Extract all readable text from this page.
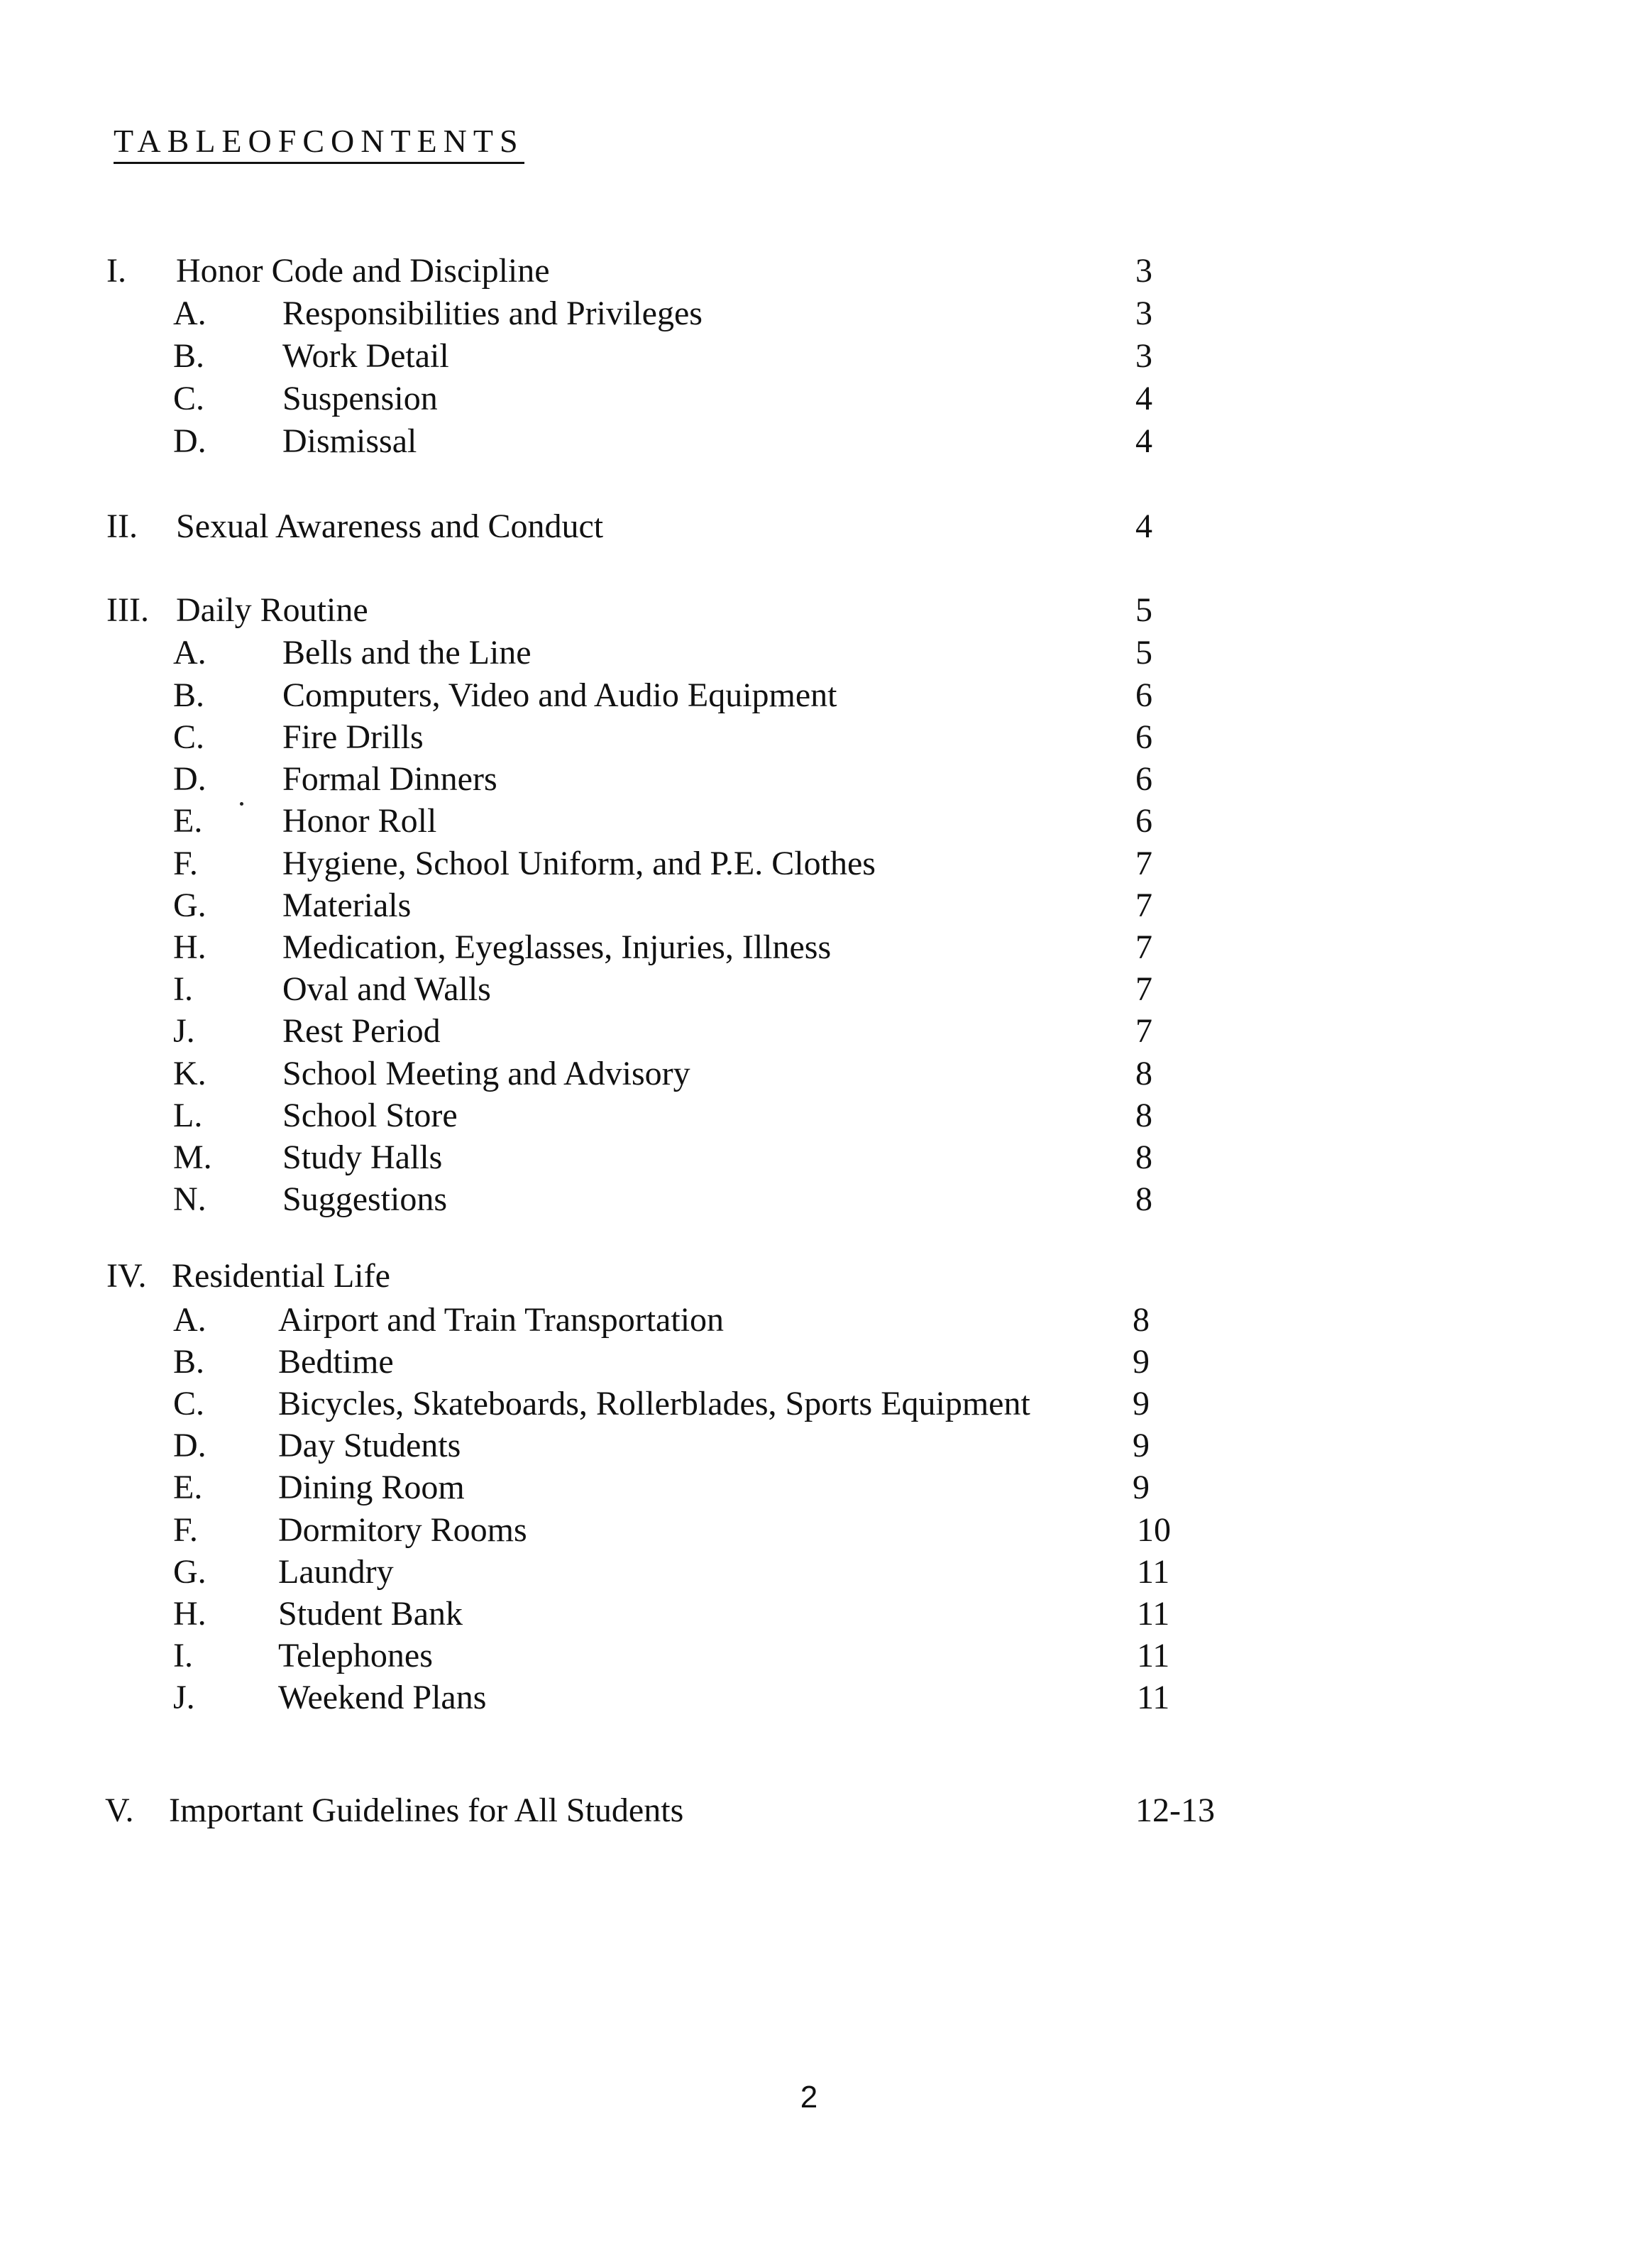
TABLEOFCONTENTS
I. Honor Code and Discipline	3
A. Responsibilities and Privileges	3
B. Work Detail	3
C. Suspension	4
D. Dismissal	4
II. Sexual Awareness and Conduct	4
III. Daily Routine	5
A. Bells and the Line	5
B. Computers, Video and Audio Equipment	6
C. Fire Drills	6
D. Formal Dinners	6
E. Honor Roll	6
F. Hygiene, School Uniform, and P.E. Clothes	7
G. Materials	7
H. Medication, Eyeglasses, Injuries, Illness	7
I.	Oval and Walls	7
J.	Rest Period	7
K. School Meeting and Advisory	8
L. School Store	8
M. Study Halls	8
N. Suggestions	8
IV. Residential Life
A. Airport and Train Transportation	8
B. Bedtime	9
C. Bicycles, Skateboards, Rollerblades, Sports Equipment	9
D. Day Students	9
E. Dining Room	9
F. Dormitory Rooms	10
G. Laundry	11
H. Student Bank	11
I.	Telephones	11
J. Weekend Plans	11
V. Important Guidelines for All Students	12-13
2
